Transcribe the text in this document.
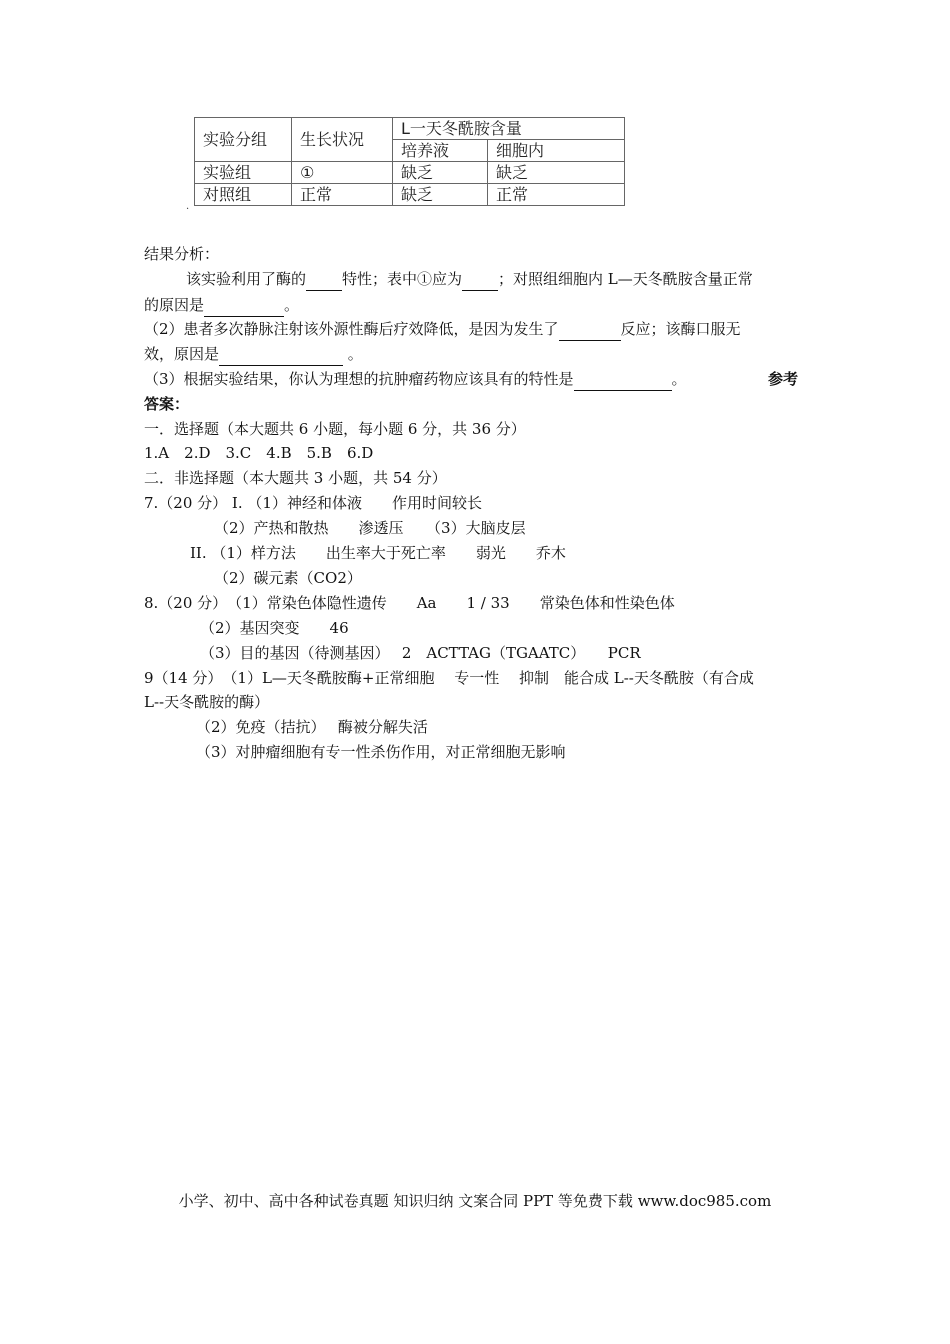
实验分组	生长状况	L一天冬酰胺含量	
		培养液	细胞内
实验组	①	缺乏	缺乏
对照组	正常	缺乏	正常
·
结果分析：
该实验利用了酶的 特性；表中①应为 ；对照组细胞内 L—天冬酰胺含量正常
的原因是	。
（2）患者多次静脉注射该外源性酶后疗效降低，是因为发生了	反应；该酶口服无
效，原因是	。
（3）根据实验结果，你认为理想的抗肿瘤药物应该具有的特性是	。	参考
答案：
一．选择题（本大题共 6 小题，每小题 6 分，共 36 分）
1.A　2.D　3.C　4.B　5.B　6.D
二．非选择题（本大题共 3 小题，共 54 分）
7.（20 分） I. （1）神经和体液　　作用时间较长
（2）产热和散热　　渗透压　　（3）大脑皮层
II. （1）样方法　　出生率大于死亡率　　弱光　　乔木
（2）碳元素（CO2）
8.（20 分）　（1）常染色体隐性遗传　　Aa　　1 / 33　　常染色体和性染色体
（2）基因突变　　46
（3）目的基因（待测基因）　 2　ACTTAG（TGAATC）　　PCR
9（14 分）　（1）L—天冬酰胺酶+正常细胞　 专一性　 抑制　能合成 L--天冬酰胺（有合成
L--天冬酰胺的酶）
（2）免疫（拮抗）　 酶被分解失活
（3）对肿瘤细胞有专一性杀伤作用，对正常细胞无影响
小学、初中、高中各种试卷真题 知识归纳 文案合同 PPT 等免费下载 www.doc985.com
